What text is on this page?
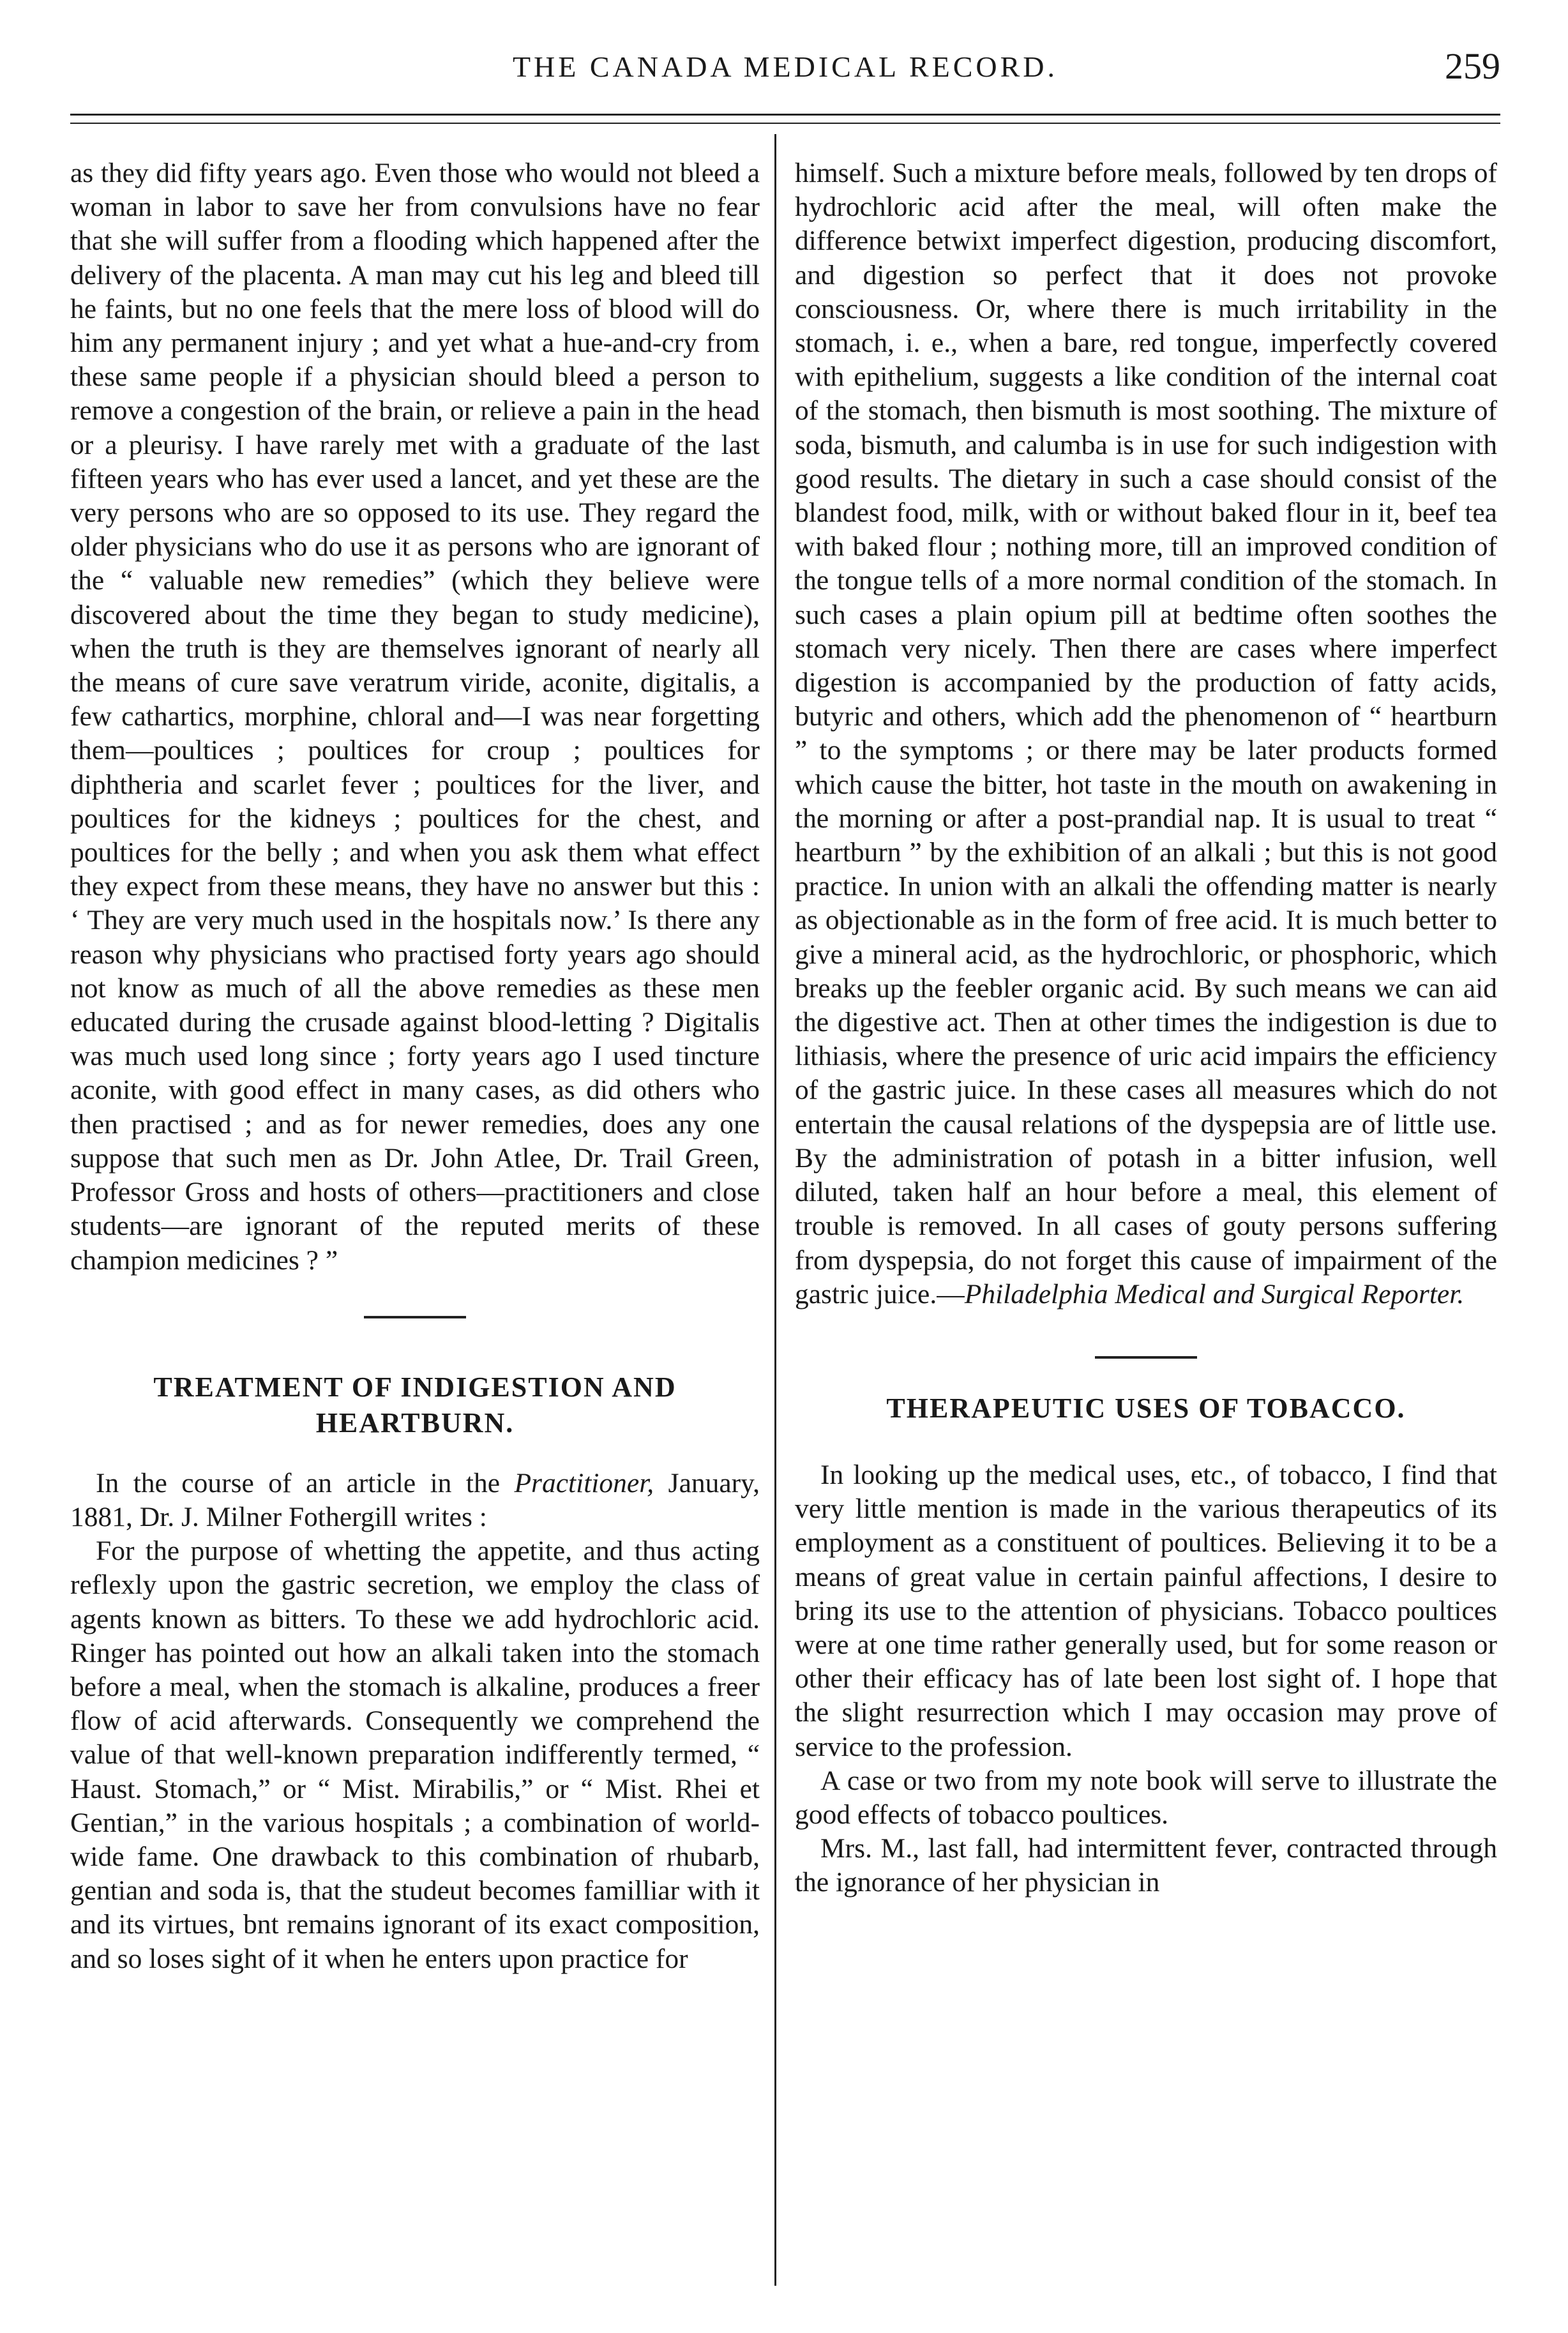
THE CANADA MEDICAL RECORD.	259

as they did fifty years ago. Even those who would not bleed a woman in labor to save her from convulsions have no fear that she will suffer from a flooding which happened after the delivery of the placenta. A man may cut his leg and bleed till he faints, but no one feels that the mere loss of blood will do him any permanent injury ; and yet what a hue-and-cry from these same people if a physician should bleed a person to remove a congestion of the brain, or relieve a pain in the head or a pleurisy. I have rarely met with a graduate of the last fifteen years who has ever used a lancet, and yet these are the very persons who are so opposed to its use. They regard the older physicians who do use it as persons who are ignorant of the “ valuable new remedies” (which they believe were discovered about the time they began to study medicine), when the truth is they are themselves ignorant of nearly all the means of cure save veratrum viride, aconite, digitalis, a few cathartics, morphine, chloral and—I was near forgetting them—poultices ; poultices for croup ; poultices for diphtheria and scarlet fever ; poultices for the liver, and poultices for the kidneys ; poultices for the chest, and poultices for the belly ; and when you ask them what effect they expect from these means, they have no answer but this : ‘ They are very much used in the hospitals now.’ Is there any reason why physicians who practised forty years ago should not know as much of all the above remedies as these men educated during the crusade against blood-letting ? Digitalis was much used long since ; forty years ago I used tincture aconite, with good effect in many cases, as did others who then practised ; and as for newer remedies, does any one suppose that such men as Dr. John Atlee, Dr. Trail Green, Professor Gross and hosts of others—practitioners and close students—are ignorant of the reputed merits of these champion medicines ? ”

TREATMENT OF INDIGESTION AND HEARTBURN.

In the course of an article in the Practitioner, January, 1881, Dr. J. Milner Fothergill writes :

For the purpose of whetting the appetite, and thus acting reflexly upon the gastric secretion, we employ the class of agents known as bitters. To these we add hydrochloric acid. Ringer has pointed out how an alkali taken into the stomach before a meal, when the stomach is alkaline, produces a freer flow of acid afterwards. Consequently we comprehend the value of that well-known preparation indifferently termed, “ Haust. Stomach,” or “ Mist. Mirabilis,” or “ Mist. Rhei et Gentian,” in the various hospitals ; a combination of world-wide fame. One drawback to this combination of rhubarb, gentian and soda is, that the studeut becomes familliar with it and its virtues, bnt remains ignorant of its exact composition, and so loses sight of it when he enters upon practice for

himself. Such a mixture before meals, followed by ten drops of hydrochloric acid after the meal, will often make the difference betwixt imperfect digestion, producing discomfort, and digestion so perfect that it does not provoke consciousness. Or, where there is much irritability in the stomach, i. e., when a bare, red tongue, imperfectly covered with epithelium, suggests a like condition of the internal coat of the stomach, then bismuth is most soothing. The mixture of soda, bismuth, and calumba is in use for such indigestion with good results. The dietary in such a case should consist of the blandest food, milk, with or without baked flour in it, beef tea with baked flour ; nothing more, till an improved condition of the tongue tells of a more normal condition of the stomach. In such cases a plain opium pill at bedtime often soothes the stomach very nicely. Then there are cases where imperfect digestion is accompanied by the production of fatty acids, butyric and others, which add the phenomenon of “ heartburn ” to the symptoms ; or there may be later products formed which cause the bitter, hot taste in the mouth on awakening in the morning or after a post-prandial nap. It is usual to treat “ heartburn ” by the exhibition of an alkali ; but this is not good practice. In union with an alkali the offending matter is nearly as objectionable as in the form of free acid. It is much better to give a mineral acid, as the hydrochloric, or phosphoric, which breaks up the feebler organic acid. By such means we can aid the digestive act. Then at other times the indigestion is due to lithiasis, where the presence of uric acid impairs the efficiency of the gastric juice. In these cases all measures which do not entertain the causal relations of the dyspepsia are of little use. By the administration of potash in a bitter infusion, well diluted, taken half an hour before a meal, this element of trouble is removed. In all cases of gouty persons suffering from dyspepsia, do not forget this cause of impairment of the gastric juice.—Philadelphia Medical and Surgical Reporter.

THERAPEUTIC USES OF TOBACCO.

In looking up the medical uses, etc., of tobacco, I find that very little mention is made in the various therapeutics of its employment as a constituent of poultices. Believing it to be a means of great value in certain painful affections, I desire to bring its use to the attention of physicians. Tobacco poultices were at one time rather generally used, but for some reason or other their efficacy has of late been lost sight of. I hope that the slight resurrection which I may occasion may prove of service to the profession.

A case or two from my note book will serve to illustrate the good effects of tobacco poultices.

Mrs. M., last fall, had intermittent fever, contracted through the ignorance of her physician in
